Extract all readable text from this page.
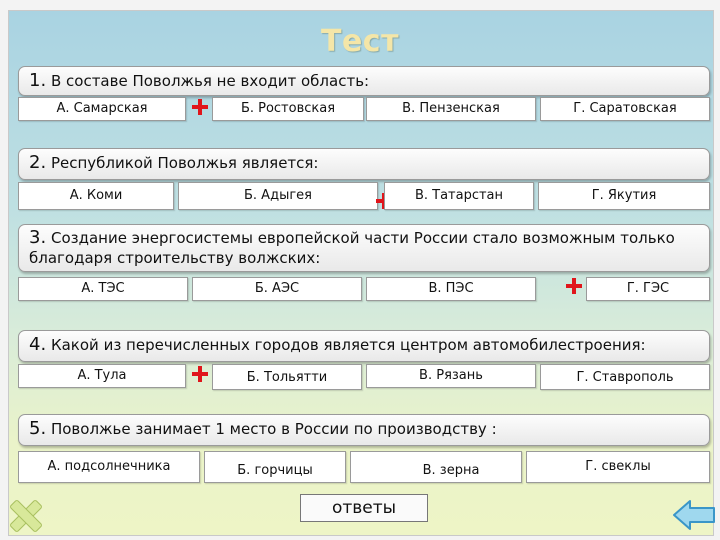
Тест
1. В составе Поволжья не входит область:
А. Самарская	Б. Ростовская	В. Пензенская	Г. Саратовская
2. Республикой Поволжья является:
А. Коми	Б. Адыгея	В. Татарстан	Г. Якутия
3. Создание энергосистемы европейской части России стало возможным только благодаря строительству волжских:
А. ТЭС	Б. АЭС	В. ПЭС	Г. ГЭС
4. Какой из перечисленных городов является центром автомобилестроения:
А. Тула	Б. Тольятти	В. Рязань	Г. Ставрополь
5. Поволжье занимает 1 место в России по производству :
А. подсолнечника	Б. горчицы	В. зерна	Г. свеклы
ответы
